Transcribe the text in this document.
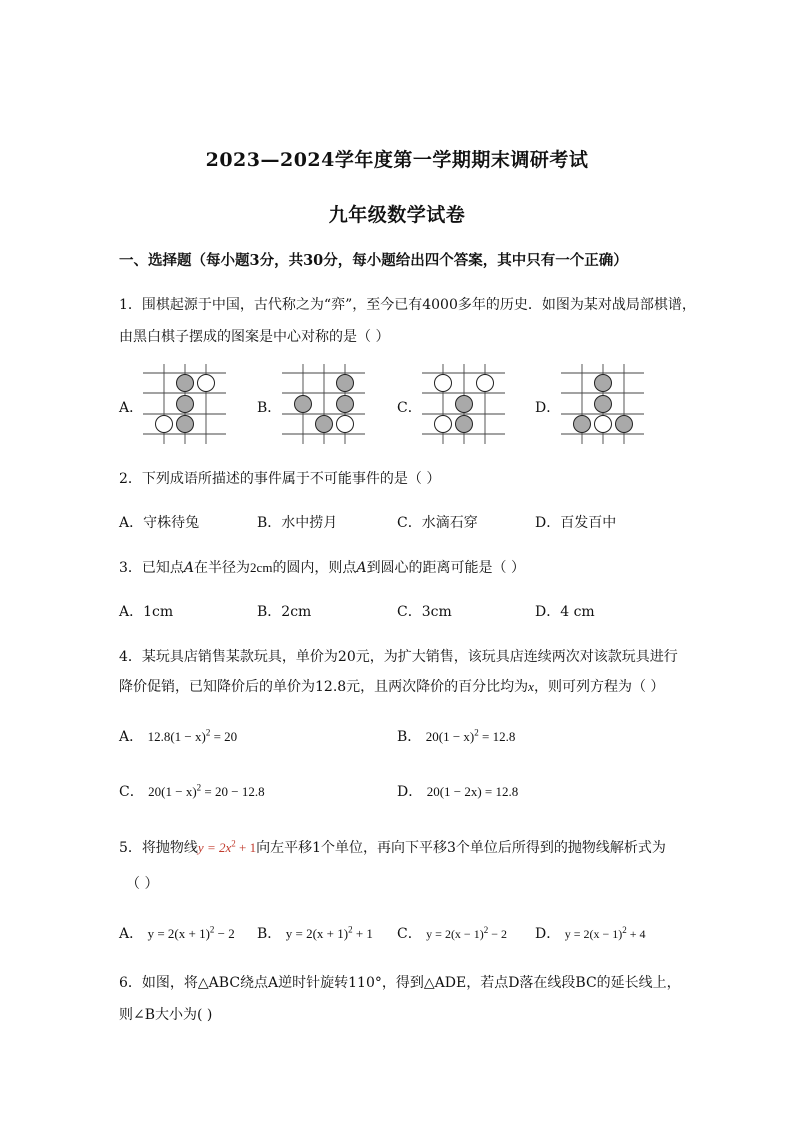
2023—2024学年度第一学期期末调研考试
九年级数学试卷
一、选择题（每小题3分，共30分，每小题给出四个答案，其中只有一个正确）
1．围棋起源于中国，古代称之为“弈”，至今已有4000多年的历史．如图为某对战局部棋谱，
由黑白棋子摆成的图案是中心对称的是（ ）
A．	B．	C．	D．
2．下列成语所描述的事件属于不可能事件的是（ ）
A．守株待兔	B．水中捞月	C．水滴石穿	D．百发百中
3．已知点A在半径为2cm的圆内，则点A到圆心的距离可能是（ ）
A．1cm	B．2cm	C．3cm	D．4 cm
4．某玩具店销售某款玩具，单价为20元，为扩大销售，该玩具店连续两次对该款玩具进行
降价促销，已知降价后的单价为12.8元，且两次降价的百分比均为x，则可列方程为（ ）
A． $12.8(1 - x)^2 = 20$	B． $20(1 - x)^2 = 12.8$
C． $20(1 - x)^2 = 20 - 12.8$	D． 20(1 − 2x) = 12.8
5．将抛物线$y = 2x^2 + 1$向左平移1个单位，再向下平移3个单位后所得到的抛物线解析式为
（ ）
A． $y = 2(x + 1)^2 - 2$ B． $y = 2(x + 1)^2 + 1$ C． $y = 2(x - 1)^2 - 2$ D． $y = 2(x - 1)^2 + 4$
6．如图，将△ABC绕点A逆时针旋转110°，得到△ADE，若点D落在线段BC的延长线上，
则∠B大小为( )
